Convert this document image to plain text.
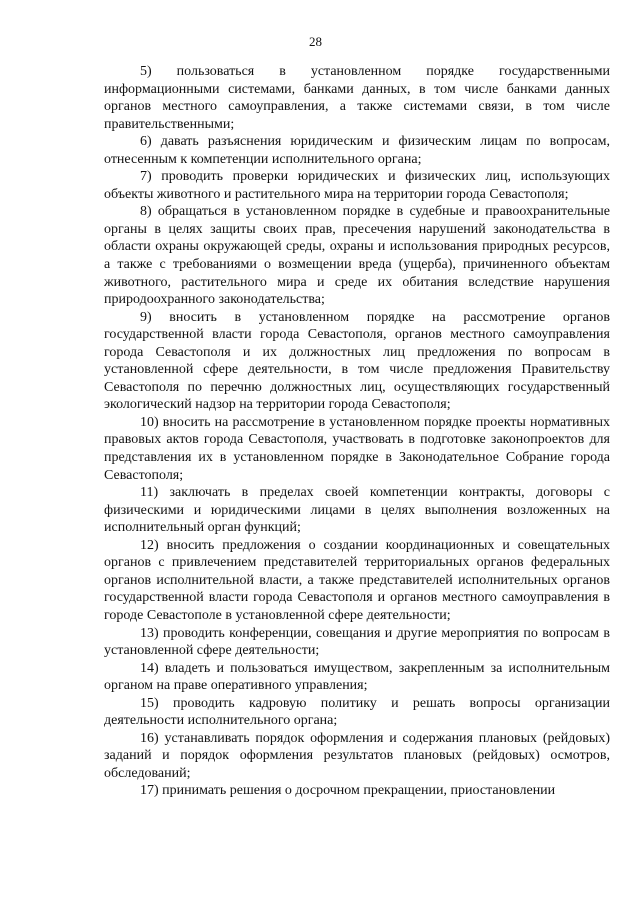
28

5) пользоваться в установленном порядке государственными информационными системами, банками данных, в том числе банками данных органов местного самоуправления, а также системами связи, в том числе правительственными;

6) давать разъяснения юридическим и физическим лицам по вопросам, отнесенным к компетенции исполнительного органа;

7) проводить проверки юридических и физических лиц, использующих объекты животного и растительного мира на территории города Севастополя;

8) обращаться в установленном порядке в судебные и правоохранительные органы в целях защиты своих прав, пресечения нарушений законодательства в области охраны окружающей среды, охраны и использования природных ресурсов, а также с требованиями о возмещении вреда (ущерба), причиненного объектам животного, растительного мира и среде их обитания вследствие нарушения природоохранного законодательства;

9) вносить в установленном порядке на рассмотрение органов государственной власти города Севастополя, органов местного самоуправления города Севастополя и их должностных лиц предложения по вопросам в установленной сфере деятельности, в том числе предложения Правительству Севастополя по перечню должностных лиц, осуществляющих государственный экологический надзор на территории города Севастополя;

10) вносить на рассмотрение в установленном порядке проекты нормативных правовых актов города Севастополя, участвовать в подготовке законопроектов для представления их в установленном порядке в Законодательное Собрание города Севастополя;

11) заключать в пределах своей компетенции контракты, договоры с физическими и юридическими лицами в целях выполнения возложенных на исполнительный орган функций;

12) вносить предложения о создании координационных и совещательных органов с привлечением представителей территориальных органов федеральных органов исполнительной власти, а также представителей исполнительных органов государственной власти города Севастополя и органов местного самоуправления в городе Севастополе в установленной сфере деятельности;

13) проводить конференции, совещания и другие мероприятия по вопросам в установленной сфере деятельности;

14) владеть и пользоваться имуществом, закрепленным за исполнительным органом на праве оперативного управления;

15) проводить кадровую политику и решать вопросы организации деятельности исполнительного органа;

16) устанавливать порядок оформления и содержания плановых (рейдовых) заданий и порядок оформления результатов плановых (рейдовых) осмотров, обследований;

17) принимать решения о досрочном прекращении, приостановлении
